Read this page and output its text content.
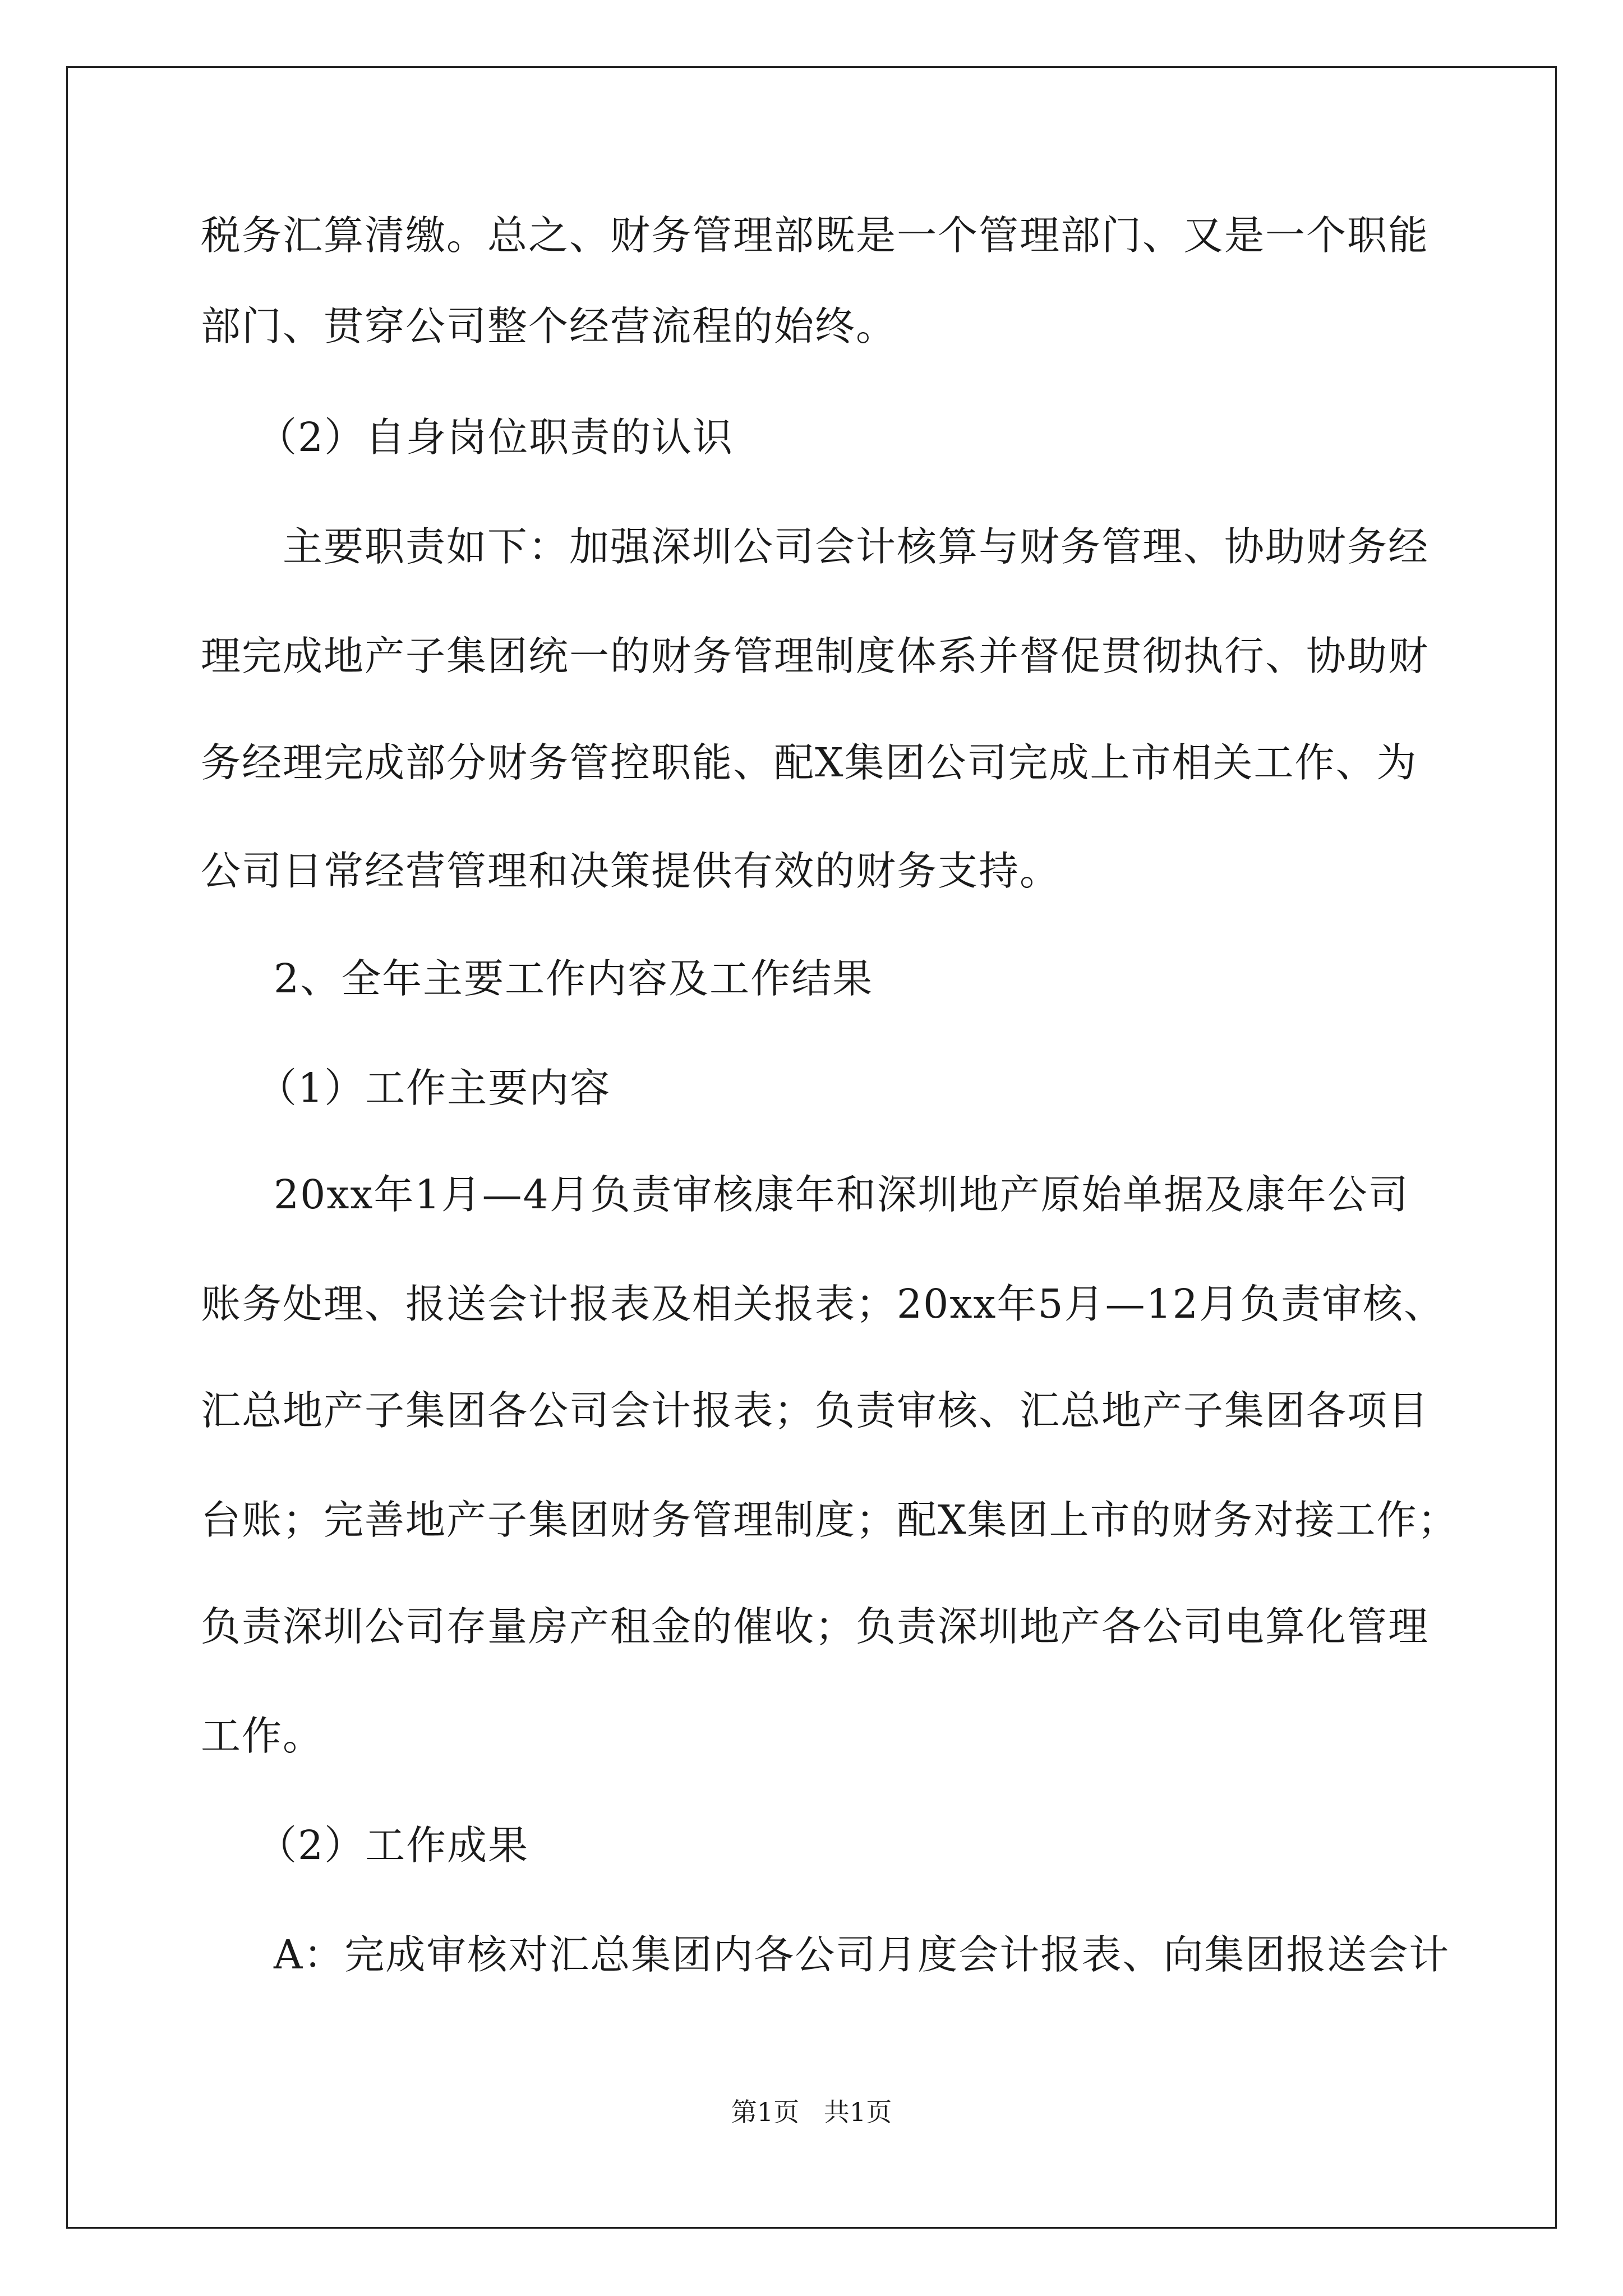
税务汇算清缴。总之、财务管理部既是一个管理部门、又是一个职能
部门、贯穿公司整个经营流程的始终。
（2）自身岗位职责的认识
主要职责如下：加强深圳公司会计核算与财务管理、协助财务经
理完成地产子集团统一的财务管理制度体系并督促贯彻执行、协助财
务经理完成部分财务管控职能、配X集团公司完成上市相关工作、为
公司日常经营管理和决策提供有效的财务支持。
2、全年主要工作内容及工作结果
（1）工作主要内容
20xx年1月—4月负责审核康年和深圳地产原始单据及康年公司
账务处理、报送会计报表及相关报表；20xx年5月—12月负责审核、
汇总地产子集团各公司会计报表；负责审核、汇总地产子集团各项目
台账；完善地产子集团财务管理制度；配X集团上市的财务对接工作；
负责深圳公司存量房产租金的催收；负责深圳地产各公司电算化管理
工作。
（2）工作成果
A：完成审核对汇总集团内各公司月度会计报表、向集团报送会计
第1页   共1页
